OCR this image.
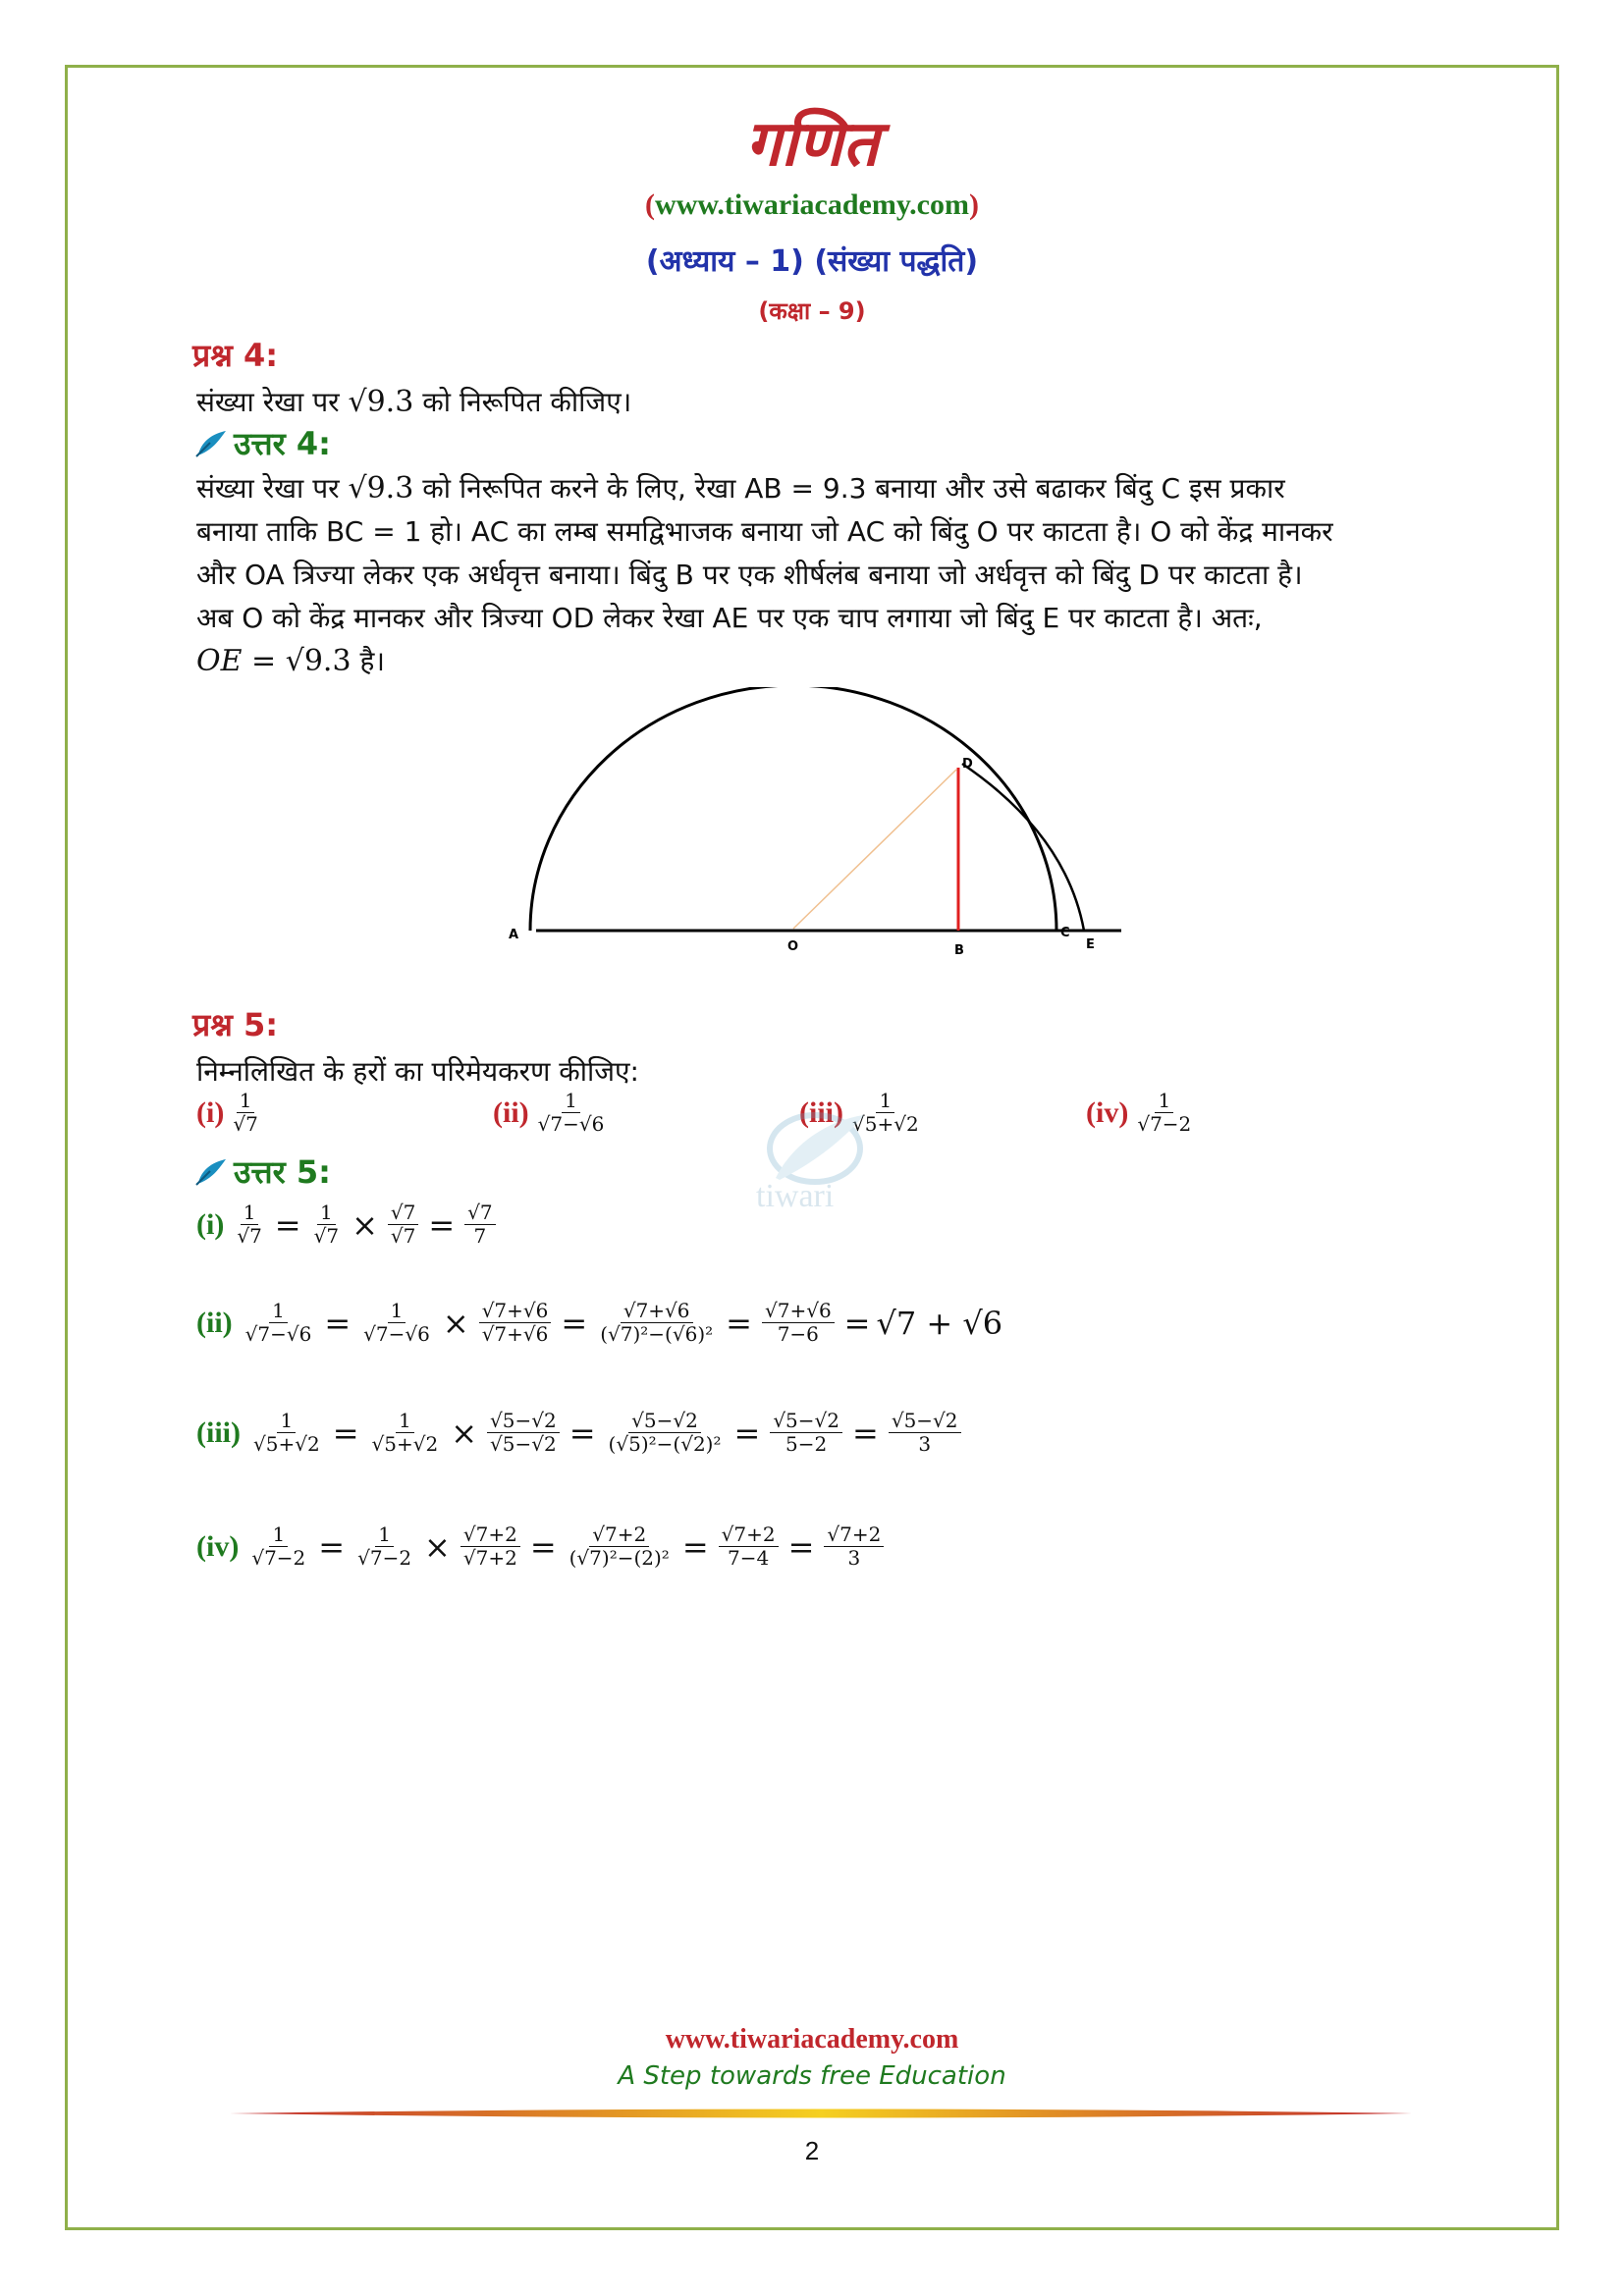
गणित
(www.tiwariacademy.com)
(अध्याय – 1) (संख्या पद्धति)
(कक्षा – 9)
प्रश्न 4:
संख्या रेखा पर √9.3 को निरूपित कीजिए।
उत्तर 4:
संख्या रेखा पर √9.3 को निरूपित करने के लिए, रेखा AB = 9.3 बनाया और उसे बढाकर बिंदु C इस प्रकार
बनाया ताकि BC = 1 हो। AC का लम्ब समद्विभाजक बनाया जो AC को बिंदु O पर काटता है। O को केंद्र मानकर
और OA त्रिज्या लेकर एक अर्धवृत्त बनाया। बिंदु B पर एक शीर्षलंब बनाया जो अर्धवृत्त को बिंदु D पर काटता है।
अब O को केंद्र मानकर और त्रिज्या OD लेकर रेखा AE पर एक चाप लगाया जो बिंदु E पर काटता है। अतः,
OE = √9.3 है।
A
O	B
C
E
D
प्रश्न 5:
निम्नलिखित के हरों का परिमेयकरण कीजिए:
$(i) \frac{1}{√7}$	$(ii) \frac{1}{√7-√6}$	$(iii) \frac{1}{√5+√2}$	$(iv) \frac{1}{√7-2}$
tiwari
उत्तर 5:
$(i) \frac{1}{√7} = \frac{1}{√7} \times \frac{√7}{√7} = \frac{√7}{7}$
$(ii) \frac{1}{√7-√6} = \frac{1}{√7-√6} \times \frac{√7+√6}{√7+√6} = \frac{√7+√6}{\text{(√7)²−(√6)²}} = \frac{√7+√6}{7-6} = √7 + √6$
$(iii) \frac{1}{√5+√2} = \frac{1}{√5+√2} \times \frac{√5-√2}{√5-√2} = \frac{√5-√2}{\text{(√5)²−(√2)²}} = \frac{√5-√2}{5-2} = \frac{√5-√2}{3}$
$(iv) \frac{1}{√7-2} = \frac{1}{√7-2} \times \frac{√7+2}{√7+2} = \frac{√7+2}{\text{(√7)²−(2)²}} = \frac{√7+2}{7-4} = \frac{√7+2}{3}$
www.tiwariacademy.com
A Step towards free Education
2
